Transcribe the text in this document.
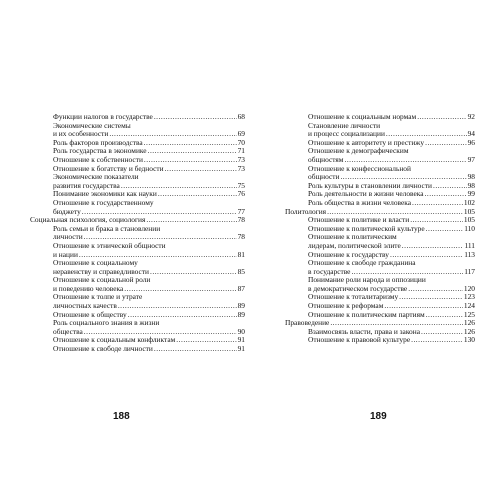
Функции налогов в государстве .....	68
Экономические системы
и их особенности .....	69
Роль факторов производства .....	70
Роль государства в экономике .....	71
Отношение к собственности .....	73
Отношение к богатству и бедности .....	73
Экономические показатели
развития государства .....	75
Понимание экономики как науки .....	76
Отношение к государственному
бюджету .....	77
Социальная психология, социология .....	78
Роль семьи и брака в становлении
личности .....	78
Отношение к этнической общности
и нации .....	81
Отношение к социальному
неравенству и справедливости .....	85
Отношение к социальной роли
и поведению человека .....	87
Отношение к толпе и утрате
личностных качеств .....	89
Отношение к обществу .....	89
Роль социального знания в жизни
общества .....	90
Отношение к социальным конфликтам .....	91
Отношение к свободе личности .....	91
Отношение к социальным нормам .....	92
Становление личности
и процесс социализации .....	94
Отношение к авторитету и престижу .....	96
Отношение к демографическим
общностям .....	97
Отношение к конфессиональной
общности .....	98
Роль культуры в становлении личности .....	98
Роль деятельности в жизни человека .....	99
Роль общества в жизни человека .....	102
Политология .....	105
Отношение к политике и власти .....	105
Отношение к политической культуре .....	110
Отношение к политическим
лидерам, политической элите .....	111
Отношение к государству .....	113
Отношение к свободе гражданина
в государстве .....	117
Понимание роли народа и оппозиции
в демократическом государстве .....	120
Отношение к тоталитаризму .....	123
Отношение к реформам .....	124
Отношение к политическим партиям .....	125
Правоведение .....	126
Взаимосвязь власти, права и закона .....	126
Отношение к правовой культуре .....	130
188	189
